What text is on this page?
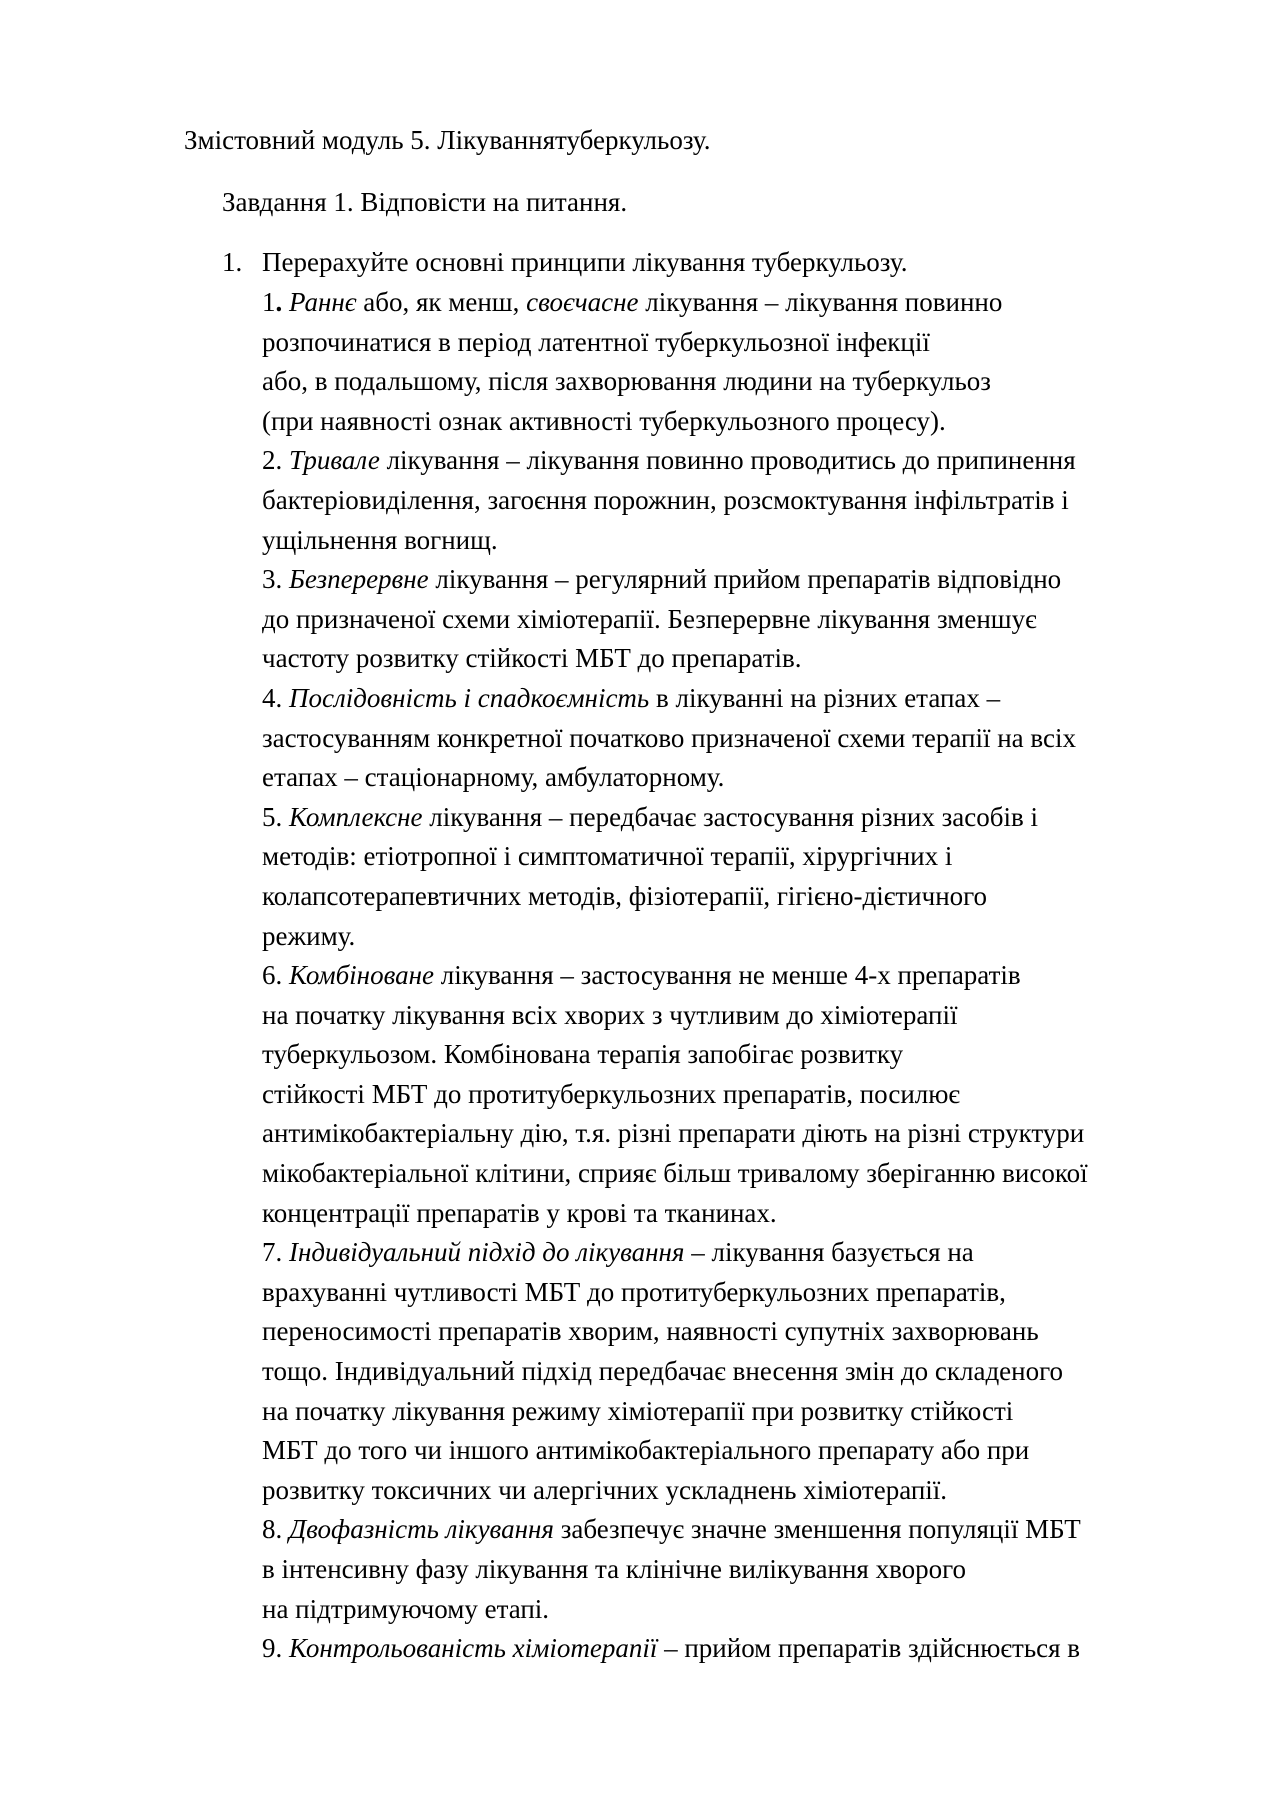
Змістовний модуль 5. Лікуваннятуберкульозу.
Завдання 1. Відповісти на питання.
1. Перерахуйте основні принципи лікування туберкульозу.
1. Раннє або, як менш, своєчасне лікування – лікування повинно
розпочинатися в період латентної туберкульозної інфекції
або, в подальшому, після захворювання людини на туберкульоз
(при наявності ознак активності туберкульозного процесу).
2. Тривале лікування – лікування повинно проводитись до припинення
бактеріовиділення, загоєння порожнин, розсмоктування інфільтратів і
ущільнення вогнищ.
3. Безперервне лікування – регулярний прийом препаратів відповідно
до призначеної схеми хіміотерапії. Безперервне лікування зменшує
частоту розвитку стійкості МБТ до препаратів.
4. Послідовність і спадкоємність в лікуванні на різних етапах –
застосуванням конкретної початково призначеної схеми терапії на всіх
етапах – стаціонарному, амбулаторному.
5. Комплексне лікування – передбачає застосування різних засобів і
методів: етіотропної і симптоматичної терапії, хірургічних і
колапсотерапевтичних методів, фізіотерапії, гігієно-дієтичного
режиму.
6. Комбіноване лікування – застосування не менше 4-х препаратів
на початку лікування всіх хворих з чутливим до хіміотерапії
туберкульозом. Комбінована терапія запобігає розвитку
стійкості МБТ до протитуберкульозних препаратів, посилює
антимікобактеріальну дію, т.я. різні препарати діють на різні структури
мікобактеріальної клітини, сприяє більш тривалому зберіганню високої
концентрації препаратів у крові та тканинах.
7. Індивідуальний підхід до лікування – лікування базується на
врахуванні чутливості МБТ до протитуберкульозних препаратів,
переносимості препаратів хворим, наявності супутніх захворювань
тощо. Індивідуальний підхід передбачає внесення змін до складеного
на початку лікування режиму хіміотерапії при розвитку стійкості
МБТ до того чи іншого антимікобактеріального препарату або при
розвитку токсичних чи алергічних ускладнень хіміотерапії.
8. Двофазність лікування забезпечує значне зменшення популяції МБТ
в інтенсивну фазу лікування та клінічне вилікування хворого
на підтримуючому етапі.
9. Контрольованість хіміотерапії – прийом препаратів здійснюється в
